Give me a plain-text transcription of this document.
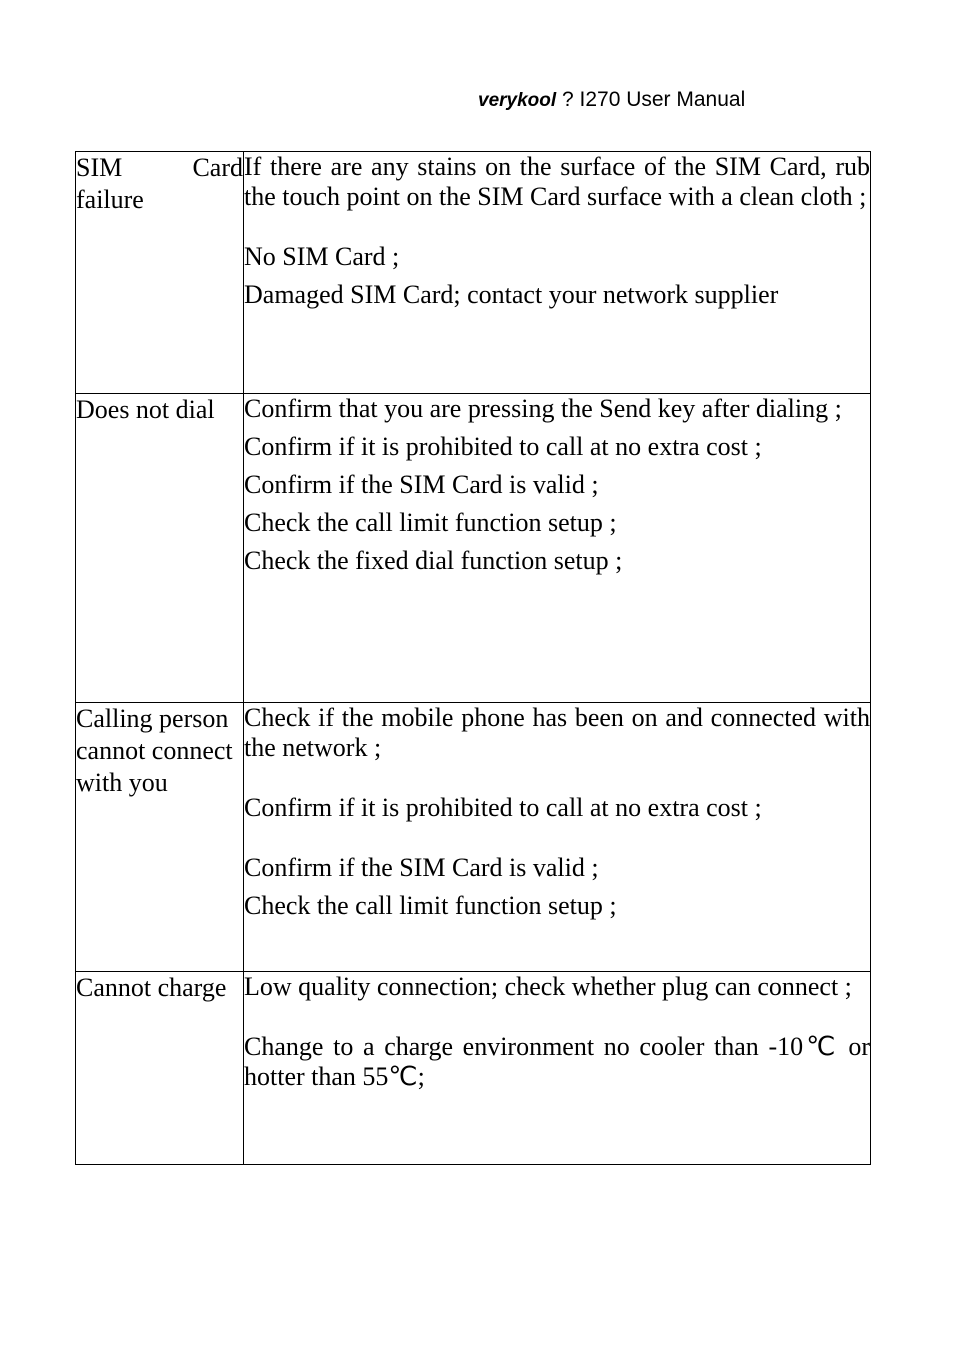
verykool ? I270 User Manual
SIM Card failure	If there are any stains on the surface of the SIM Card, rub the touch point on the SIM Card surface with a clean cloth ;
No SIM Card ;
Damaged SIM Card; contact your network supplier

Does not dial	Confirm that you are pressing the Send key after dialing ;
Confirm if it is prohibited to call at no extra cost ;
Confirm if the SIM Card is valid ;
Check the call limit function setup ;
Check the fixed dial function setup ;

Calling person cannot connect with you	Check if the mobile phone has been on and connected with the network ;
Confirm if it is prohibited to call at no extra cost ;
Confirm if the SIM Card is valid ;
Check the call limit function setup ;

Cannot charge	Low quality connection; check whether plug can connect ;
Change to a charge environment no cooler than -10℃ or hotter than 55℃;
